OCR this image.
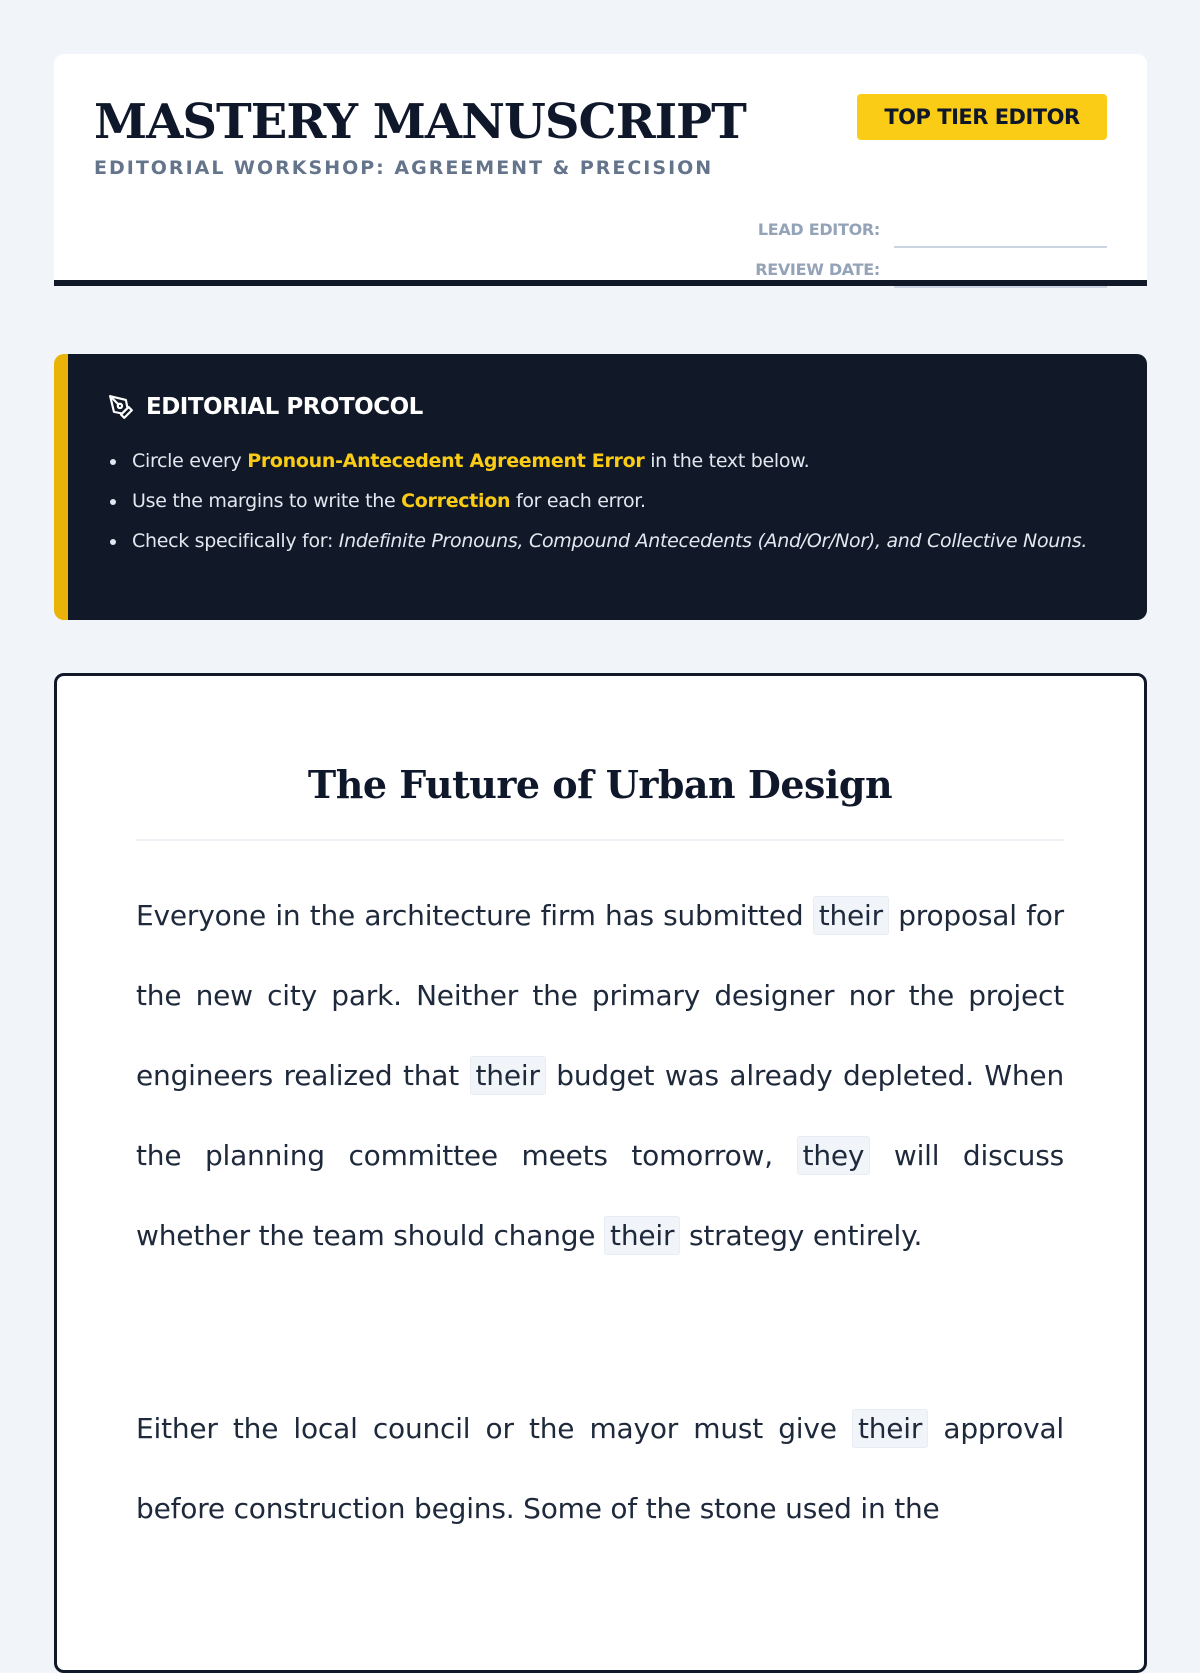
MASTERY MANUSCRIPT
EDITORIAL WORKSHOP: AGREEMENT & PRECISION
TOP TIER EDITOR
LEAD EDITOR:
REVIEW DATE:
EDITORIAL PROTOCOL
Circle every Pronoun-Antecedent Agreement Error in the text below.
Use the margins to write the Correction for each error.
Check specifically for: Indefinite Pronouns, Compound Antecedents (And/Or/Nor), and Collective Nouns.
The Future of Urban Design

Everyone in the architecture firm has submitted their proposal for the new city park. Neither the primary designer nor the project engineers realized that their budget was already depleted. When the planning committee meets tomorrow, they will discuss whether the team should change their strategy entirely.

Either the local council or the mayor must give their approval before construction begins. Some of the stone used in the
